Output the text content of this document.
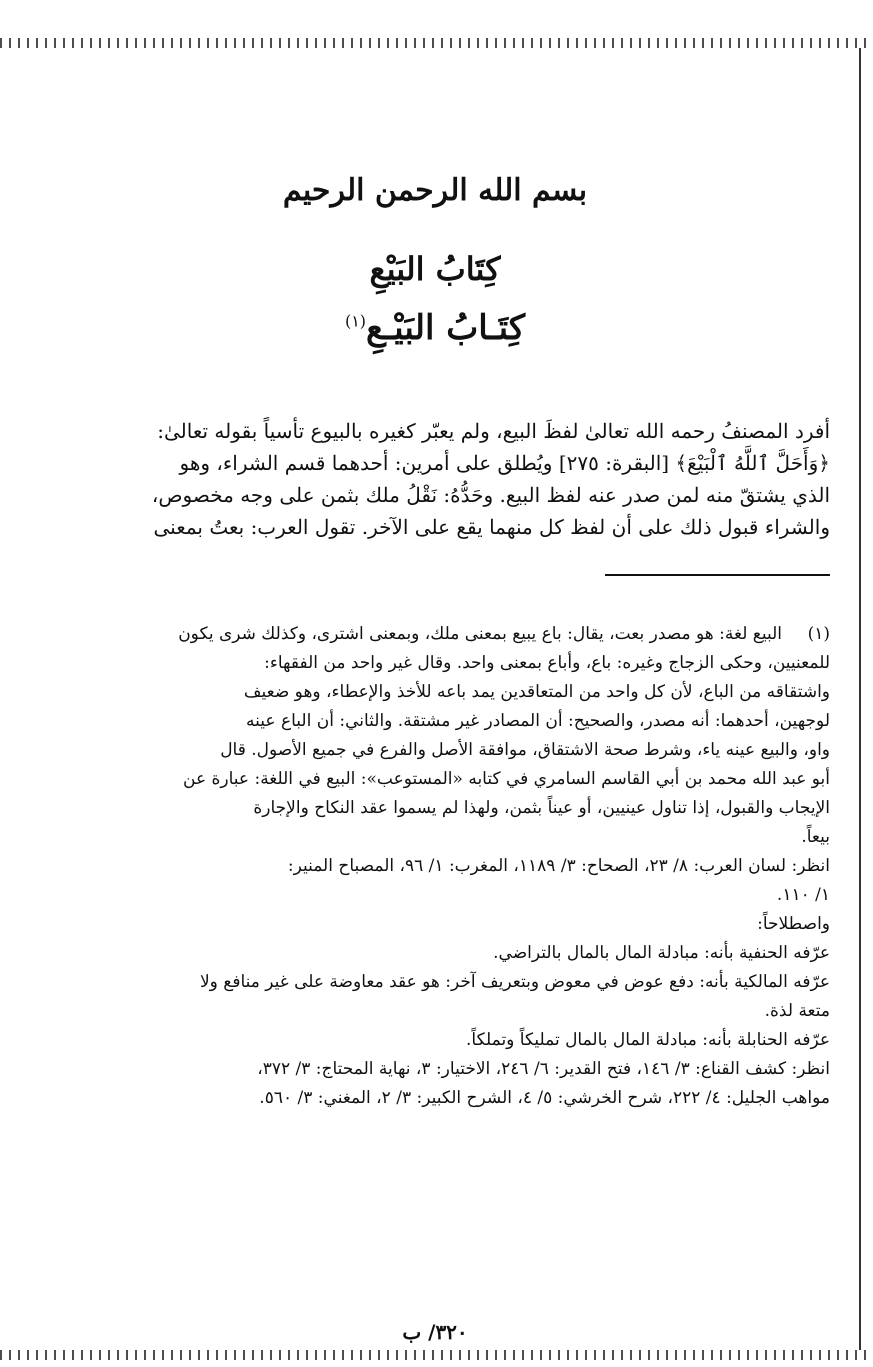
بسم الله الرحمن الرحيم
كِتَابُ البَيْعِ
كِتَـابُ البَيْـعِ$^{(١)}$

أفرد المصنفُ رحمه الله تعالىٰ لفظَ البيع، ولم يعبّر كغيره بالبيوع تأسياً بقوله تعالىٰ:

﴿وَأَحَلَّ ٱللَّهُ ٱلْبَيْعَ﴾ [البقرة: ٢٧٥] ويُطلق على أمرين: أحدهما قسم الشراء، وهو

الذي يشتقّ منه لمن صدر عنه لفظ البيع. وحَدُّهُ: نَقْلُ ملك بثمن على وجه مخصوص،

والشراء قبول ذلك على أن لفظ كل منهما يقع على الآخر. تقول العرب: بعتُ بمعنى

(١)

البيع لغة: هو مصدر بعت، يقال: باع يبيع بمعنى ملك، وبمعنى اشترى، وكذلك شرى يكون

للمعنيين، وحكى الزجاج وغيره: باع، وأباع بمعنى واحد. وقال غير واحد من الفقهاء:

واشتقاقه من الباع، لأن كل واحد من المتعاقدين يمد باعه للأخذ والإعطاء، وهو ضعيف

لوجهين، أحدهما: أنه مصدر، والصحيح: أن المصادر غير مشتقة. والثاني: أن الباع عينه

واو، والبيع عينه ياء، وشرط صحة الاشتقاق، موافقة الأصل والفرع في جميع الأصول. قال

أبو عبد الله محمد بن أبي القاسم السامري في كتابه «المستوعب»: البيع في اللغة: عبارة عن

الإيجاب والقبول، إذا تناول عينيين، أو عيناً بثمن، ولهذا لم يسموا عقد النكاح والإجارة

بيعاً.

انظر: لسان العرب: ٨/ ٢٣، الصحاح: ٣/ ١١٨٩، المغرب: ١/ ٩٦، المصباح المنير:

١/ ١١٠.

واصطلاحاً:

عرّفه الحنفية بأنه: مبادلة المال بالمال بالتراضي.

عرّفه المالكية بأنه: دفع عوض في معوض وبتعريف آخر: هو عقد معاوضة على غير منافع ولا

متعة لذة.

عرّفه الحنابلة بأنه: مبادلة المال بالمال تمليكاً وتملكاً.

انظر: كشف القناع: ٣/ ١٤٦، فتح القدير: ٦/ ٢٤٦، الاختيار: ٣، نهاية المحتاج: ٣/ ٣٧٢،

مواهب الجليل: ٤/ ٢٢٢، شرح الخرشي: ٥/ ٤، الشرح الكبير: ٣/ ٢، المغني: ٣/ ٥٦٠.

٣٢٠/ ب
